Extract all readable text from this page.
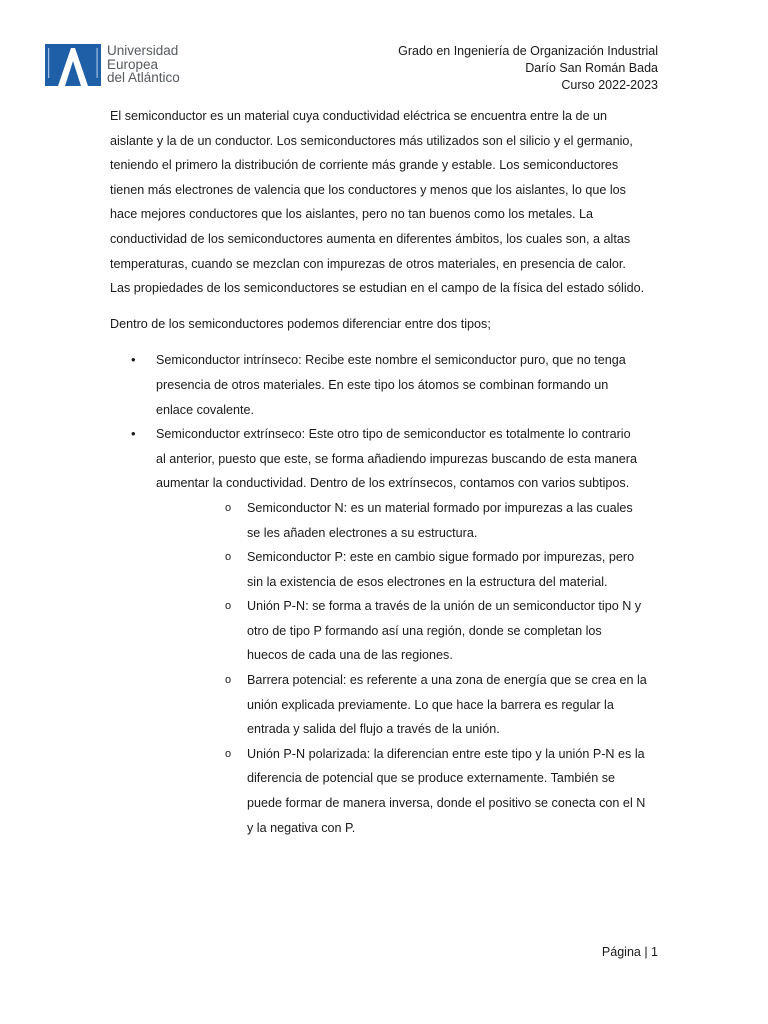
Universidad
Europea
del Atlántico
Grado en Ingeniería de Organización Industrial
Darío San Román Bada
Curso 2022-2023

El semiconductor es un material cuya conductividad eléctrica se encuentra entre la de un
aislante y la de un conductor. Los semiconductores más utilizados son el silicio y el germanio,
teniendo el primero la distribución de corriente más grande y estable. Los semiconductores
tienen más electrones de valencia que los conductores y menos que los aislantes, lo que los
hace mejores conductores que los aislantes, pero no tan buenos como los metales. La
conductividad de los semiconductores aumenta en diferentes ámbitos, los cuales son, a altas
temperaturas, cuando se mezclan con impurezas de otros materiales, en presencia de calor.
Las propiedades de los semiconductores se estudian en el campo de la física del estado sólido.

Dentro de los semiconductores podemos diferenciar entre dos tipos;

• Semiconductor intrínseco: Recibe este nombre el semiconductor puro, que no tenga
presencia de otros materiales. En este tipo los átomos se combinan formando un
enlace covalente.
• Semiconductor extrínseco: Este otro tipo de semiconductor es totalmente lo contrario
al anterior, puesto que este, se forma añadiendo impurezas buscando de esta manera
aumentar la conductividad. Dentro de los extrínsecos, contamos con varios subtipos.
o Semiconductor N: es un material formado por impurezas a las cuales
se les añaden electrones a su estructura.
o Semiconductor P: este en cambio sigue formado por impurezas, pero
sin la existencia de esos electrones en la estructura del material.
o Unión P-N: se forma a través de la unión de un semiconductor tipo N y
otro de tipo P formando así una región, donde se completan los
huecos de cada una de las regiones.
o Barrera potencial: es referente a una zona de energía que se crea en la
unión explicada previamente. Lo que hace la barrera es regular la
entrada y salida del flujo a través de la unión.
o Unión P-N polarizada: la diferencian entre este tipo y la unión P-N es la
diferencia de potencial que se produce externamente. También se
puede formar de manera inversa, donde el positivo se conecta con el N
y la negativa con P.
Página | 1
